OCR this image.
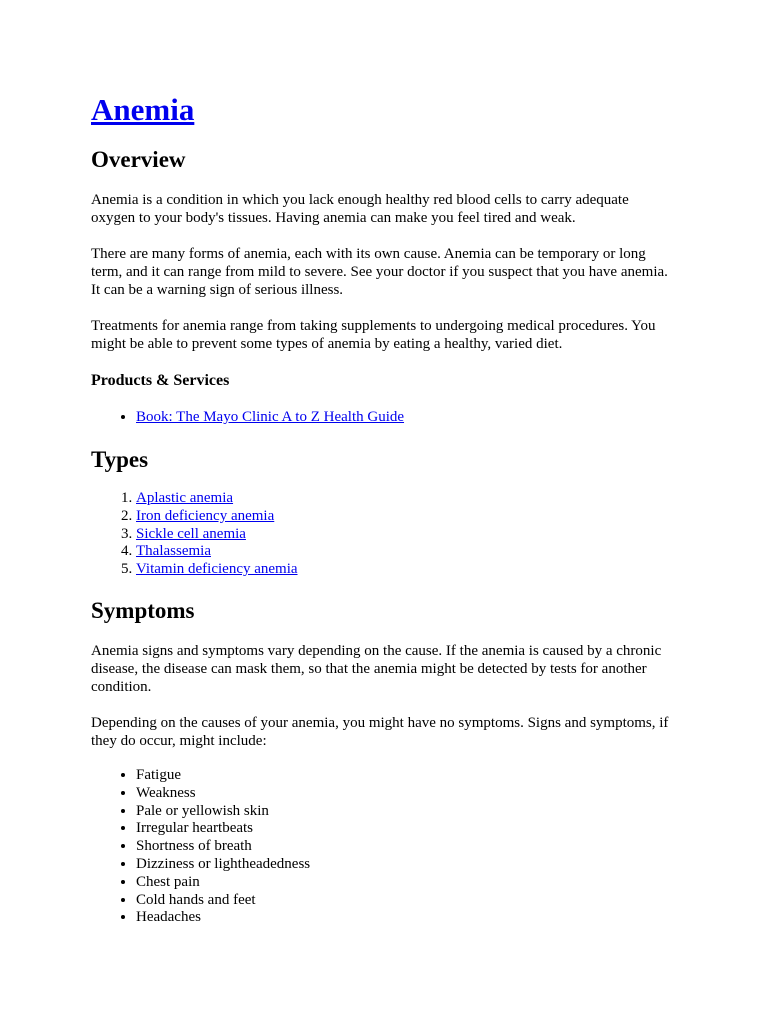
Anemia
Overview

Anemia is a condition in which you lack enough healthy red blood cells to carry adequate oxygen to your body's tissues. Having anemia can make you feel tired and weak.

There are many forms of anemia, each with its own cause. Anemia can be temporary or long term, and it can range from mild to severe. See your doctor if you suspect that you have anemia. It can be a warning sign of serious illness.

Treatments for anemia range from taking supplements to undergoing medical procedures. You might be able to prevent some types of anemia by eating a healthy, varied diet.

Products & Services
• Book: The Mayo Clinic A to Z Health Guide
Types
1. Aplastic anemia
2. Iron deficiency anemia
3. Sickle cell anemia
4. Thalassemia
5. Vitamin deficiency anemia
Symptoms

Anemia signs and symptoms vary depending on the cause. If the anemia is caused by a chronic disease, the disease can mask them, so that the anemia might be detected by tests for another condition.

Depending on the causes of your anemia, you might have no symptoms. Signs and symptoms, if they do occur, might include:

• Fatigue
• Weakness
• Pale or yellowish skin
• Irregular heartbeats
• Shortness of breath
• Dizziness or lightheadedness
• Chest pain
• Cold hands and feet
• Headaches
